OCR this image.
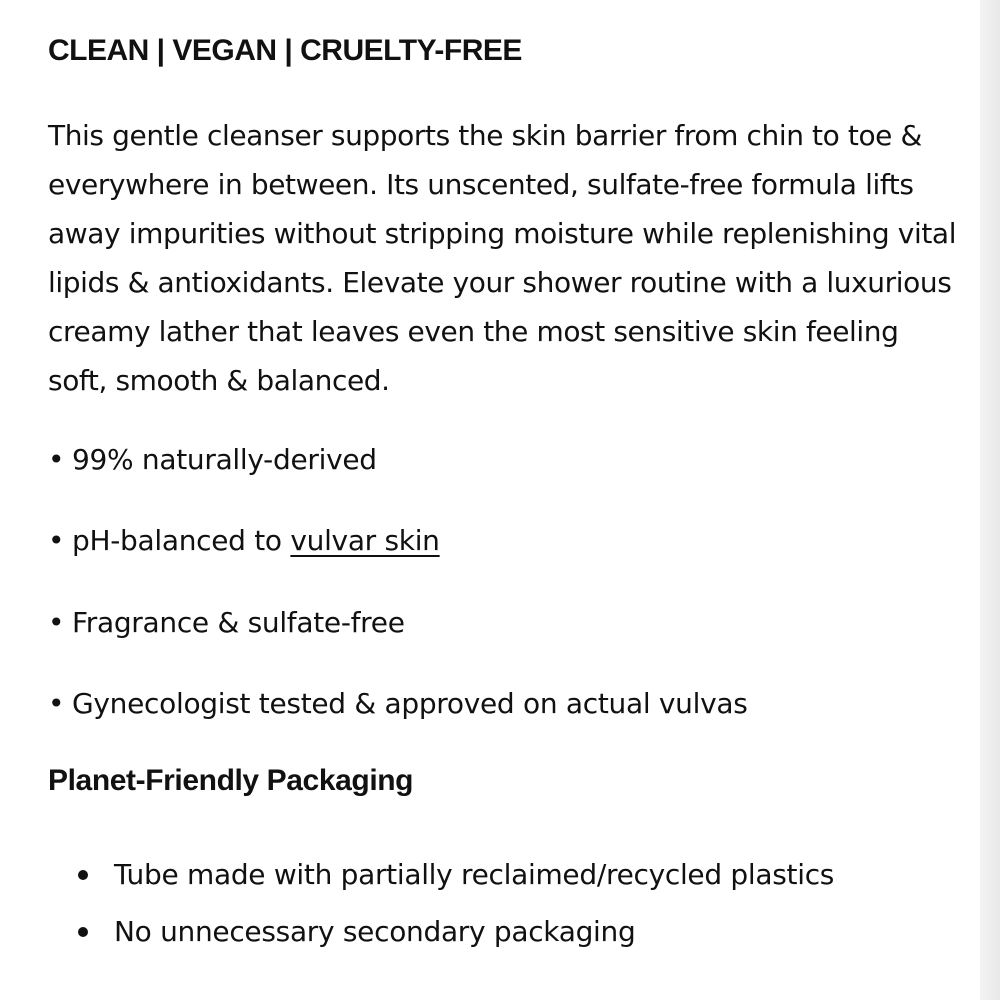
CLEAN | VEGAN | CRUELTY-FREE

This gentle cleanser supports the skin barrier from chin to toe & everywhere in between. Its unscented, sulfate-free formula lifts away impurities without stripping moisture while replenishing vital lipids & antioxidants. Elevate your shower routine with a luxurious creamy lather that leaves even the most sensitive skin feeling soft, smooth & balanced.

• 99% naturally-derived

• pH-balanced to vulvar skin

• Fragrance & sulfate-free

• Gynecologist tested & approved on actual vulvas

Planet-Friendly Packaging
Tube made with partially reclaimed/recycled plastics
No unnecessary secondary packaging
